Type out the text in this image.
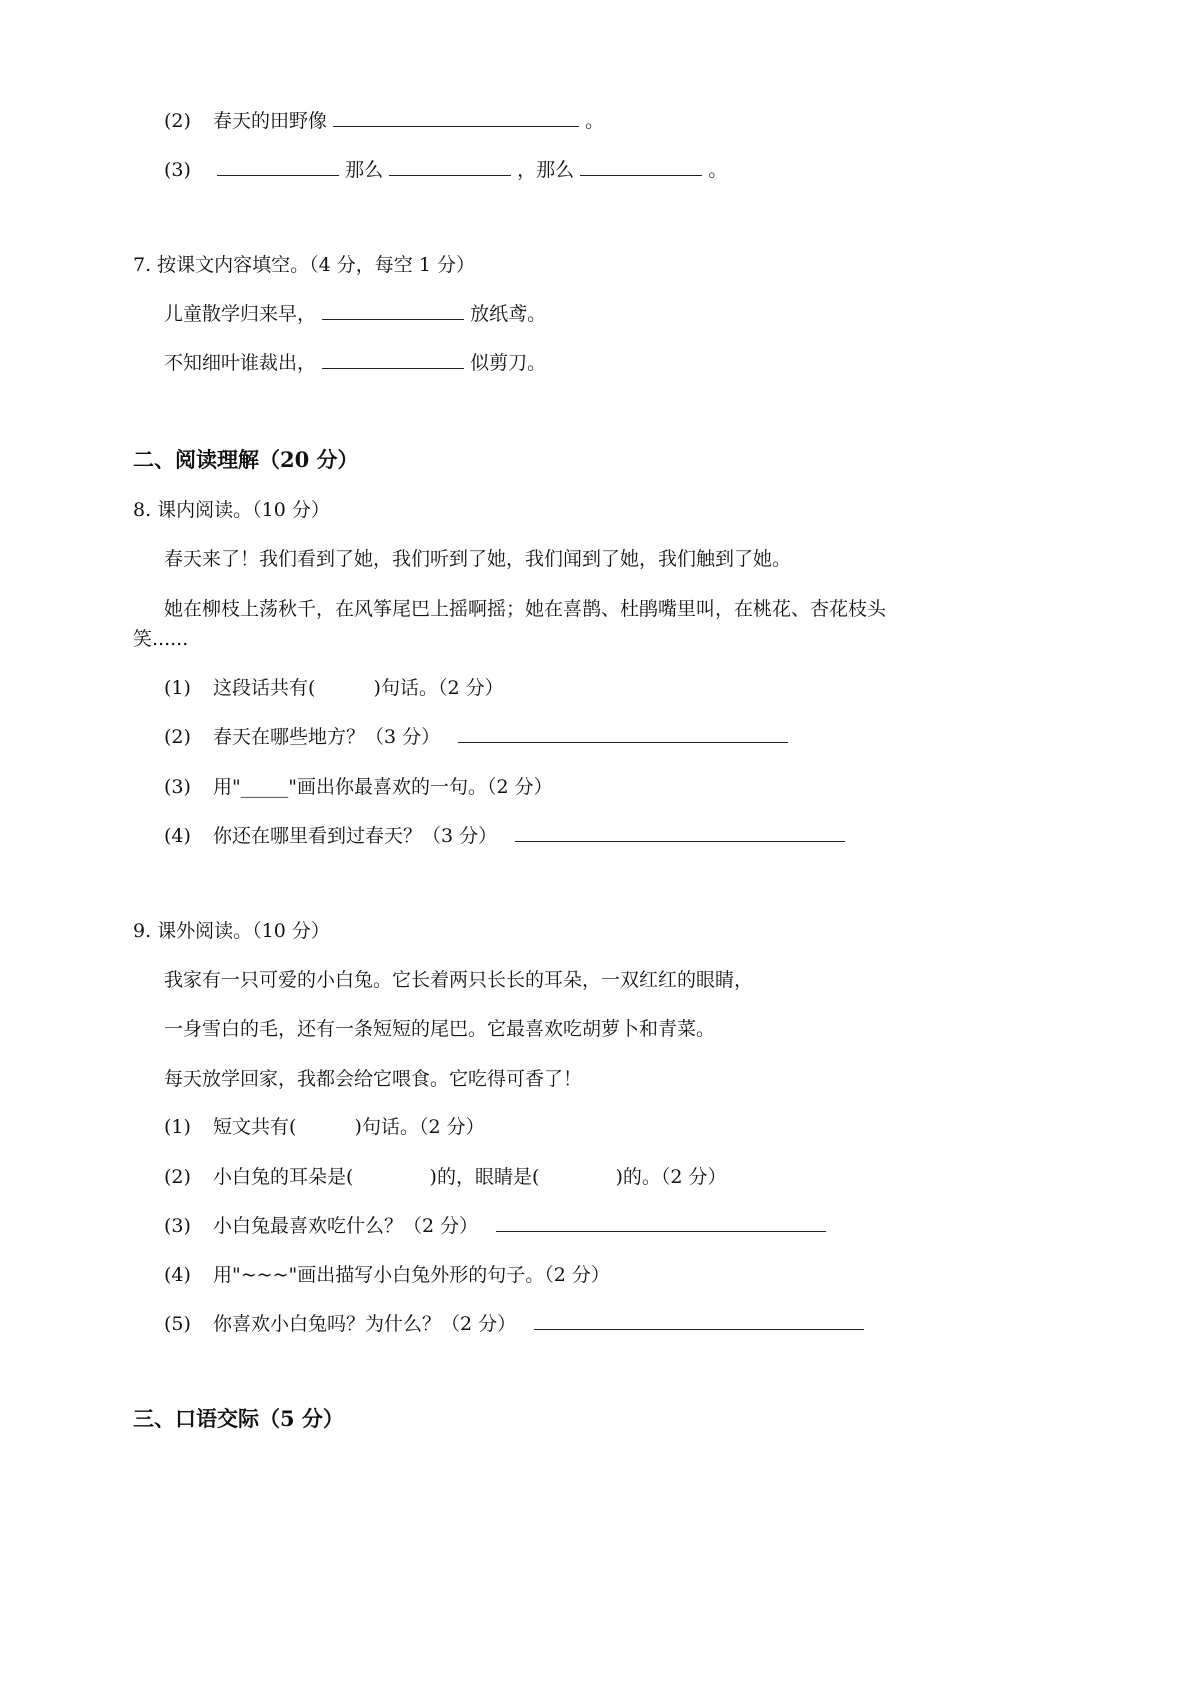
(2) 春天的田野像	。
(3)	那么	，那么	。
7. 按课文内容填空。（4 分，每空 1 分）
儿童散学归来早，	放纸鸢。
不知细叶谁裁出，	似剪刀。
二、阅读理解（20 分）
8. 课内阅读。（10 分）
春天来了！我们看到了她，我们听到了她，我们闻到了她，我们触到了她。
她在柳枝上荡秋千，在风筝尾巴上摇啊摇；她在喜鹊、杜鹃嘴里叫，在桃花、杏花枝头
笑......
(1) 这段话共有(	)句话。（2 分）
(2) 春天在哪些地方？（3 分）
(3) 用"_____"画出你最喜欢的一句。（2 分）
(4) 你还在哪里看到过春天？（3 分）
9. 课外阅读。（10 分）
我家有一只可爱的小白兔。它长着两只长长的耳朵，一双红红的眼睛，
一身雪白的毛，还有一条短短的尾巴。它最喜欢吃胡萝卜和青菜。
每天放学回家，我都会给它喂食。它吃得可香了！
(1) 短文共有(	)句话。（2 分）
(2) 小白兔的耳朵是(	)的，眼睛是(	)的。（2 分）
(3) 小白兔最喜欢吃什么？（2 分）
(4) 用"~~~"画出描写小白兔外形的句子。（2 分）
(5) 你喜欢小白兔吗？为什么？（2 分）
三、口语交际（5 分）
